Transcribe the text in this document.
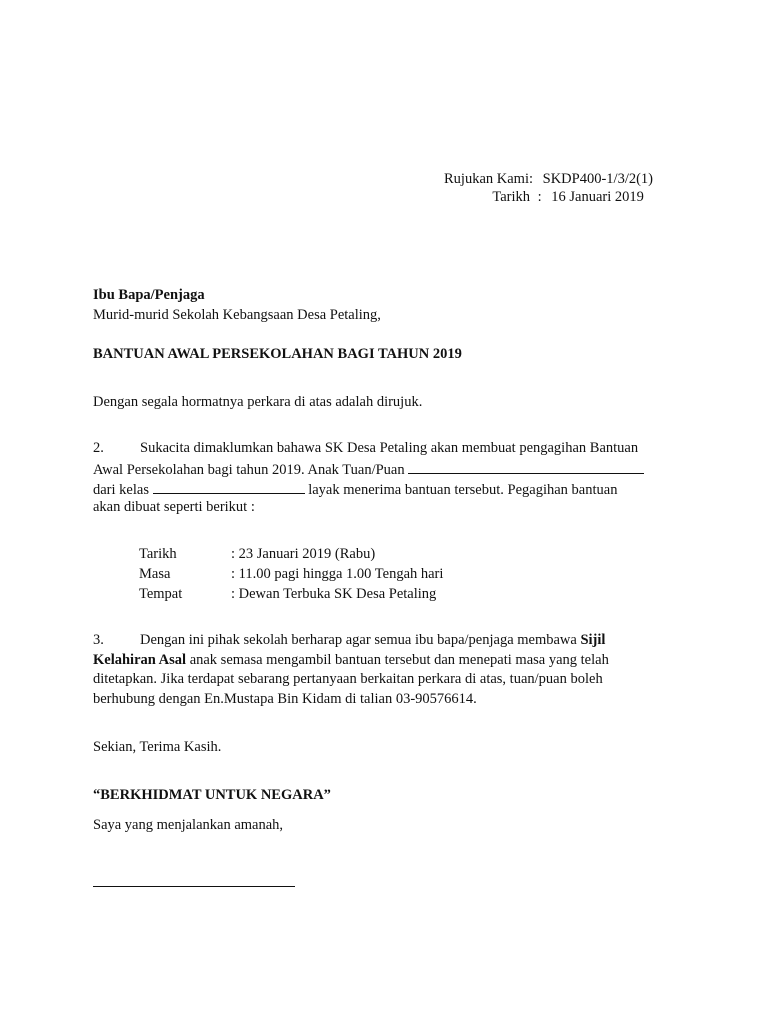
Rujukan Kami: SKDP400-1/3/2(1)
Tarikh : 16 Januari 2019
Ibu Bapa/Penjaga
Murid-murid Sekolah Kebangsaan Desa Petaling,
BANTUAN AWAL PERSEKOLAHAN BAGI TAHUN 2019
Dengan segala hormatnya perkara di atas adalah dirujuk.
2. Sukacita dimaklumkan bahawa SK Desa Petaling akan membuat pengagihan Bantuan
Awal Persekolahan bagi tahun 2019. Anak Tuan/Puan
dari kelas	layak menerima bantuan tersebut. Pegagihan bantuan
akan dibuat seperti berikut :
Tarikh	: 23 Januari 2019 (Rabu)
Masa	: 11.00 pagi hingga 1.00 Tengah hari
Tempat	: Dewan Terbuka SK Desa Petaling
3. Dengan ini pihak sekolah berharap agar semua ibu bapa/penjaga membawa Sijil
Kelahiran Asal anak semasa mengambil bantuan tersebut dan menepati masa yang telah
ditetapkan. Jika terdapat sebarang pertanyaan berkaitan perkara di atas, tuan/puan boleh
berhubung dengan En.Mustapa Bin Kidam di talian 03-90576614.
Sekian, Terima Kasih.
“BERKHIDMAT UNTUK NEGARA”
Saya yang menjalankan amanah,
